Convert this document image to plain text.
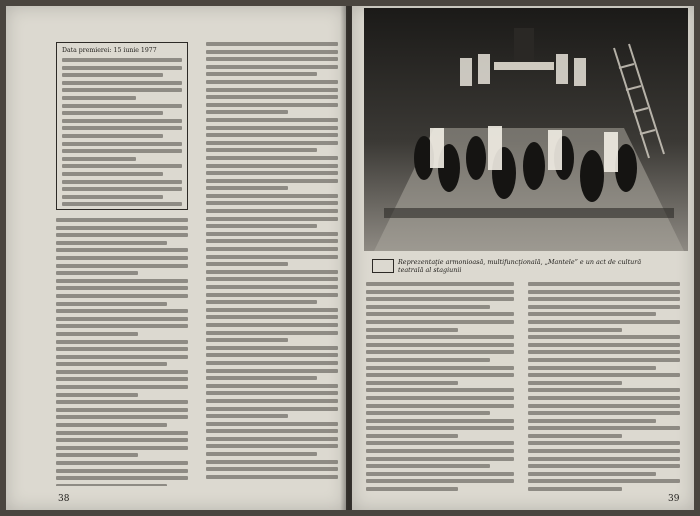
Data premierei: 15 iunie 1977
38
Reprezentaţie armonioasă, multifuncţională, „Mantele” e un act de cultură
teatrală al stagiunii
39
